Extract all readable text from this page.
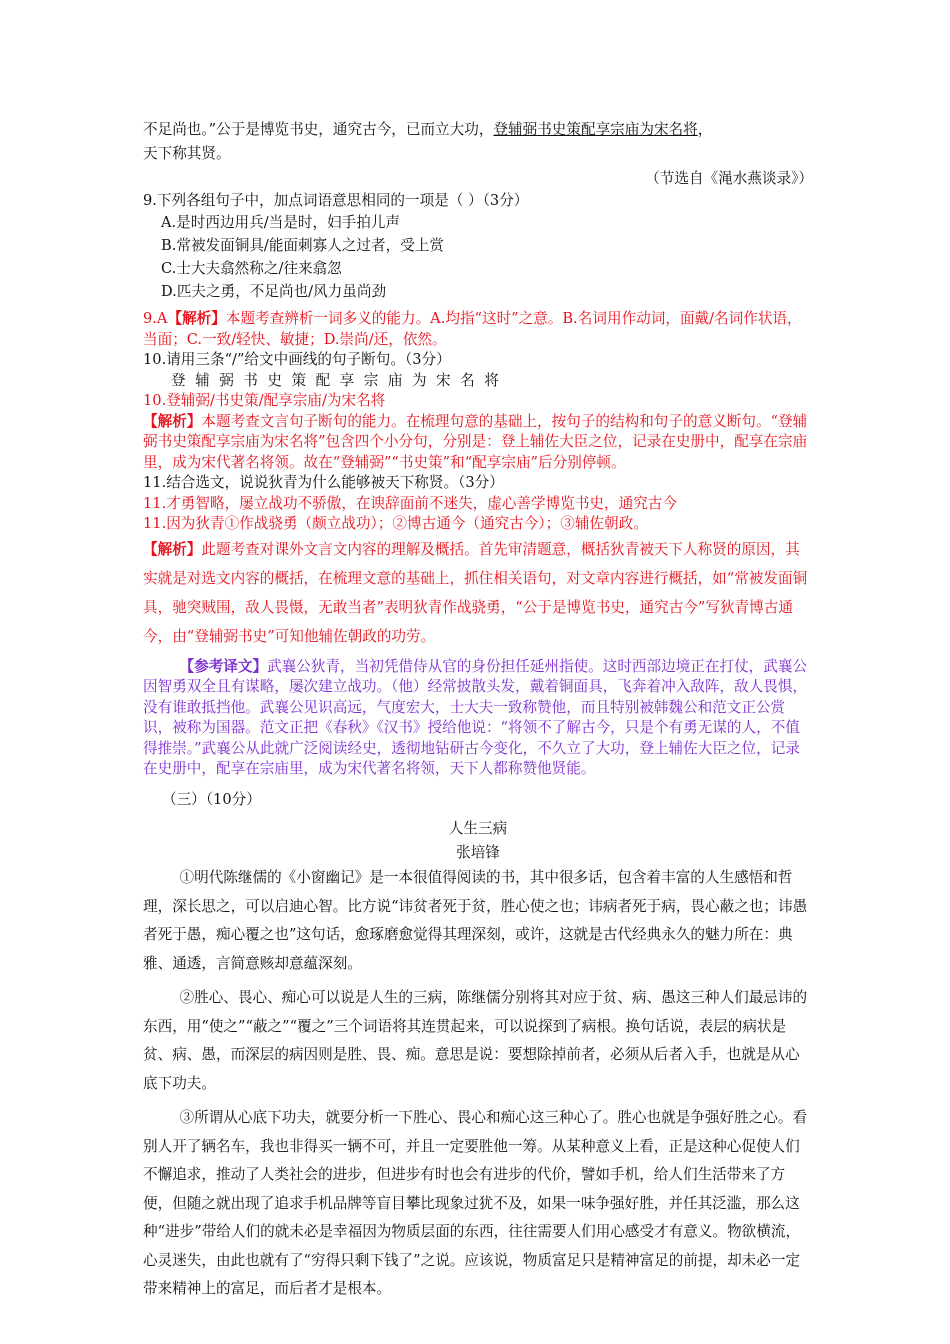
不足尚也。”公于是博览书史，通究古今，已而立大功，登辅弼书史策配享宗庙为宋名将，

天下称其贤。

（节选自《渑水燕谈录》）

9.下列各组句子中，加点词语意思相同的一项是（ ）（3分）

A.是时西边用兵/当是时，妇手拍儿声

B.常被发面铜具/能面刺寡人之过者，受上赏

C.士大夫翕然称之/往来翕忽

D.匹夫之勇，不足尚也/风力虽尚劲

9.A【解析】本题考查辨析一词多义的能力。A.均指“这时”之意。B.名词用作动词，面戴/名词作状语，当面；C.一致/轻快、敏捷；D.崇尚/还，依然。

10.请用三条“/”给文中画线的句子断句。（3分）

登辅弼书史策配享宗庙为宋名将

10.登辅弼/书史策/配享宗庙/为宋名将

【解析】本题考查文言句子断句的能力。在梳理句意的基础上，按句子的结构和句子的意义断句。“登辅弼书史策配享宗庙为宋名将”包含四个小分句，分别是：登上辅佐大臣之位，记录在史册中，配享在宗庙里，成为宋代著名将领。故在“登辅弼”“书史策”和“配享宗庙”后分别停顿。

11.结合选文，说说狄青为什么能够被天下称贤。（3分）

11.才勇智略，屡立战功不骄傲，在谀辞面前不迷失，虚心善学博览书史，通究古今

11.因为狄青①作战骁勇（颇立战功）；②博古通今（通究古今）；③辅佐朝政。

【解析】此题考查对课外文言文内容的理解及概括。首先审清题意，概括狄青被天下人称贤的原因，其实就是对选文内容的概括，在梳理文意的基础上，抓住相关语句，对文章内容进行概括，如“常被发面铜具，驰突贼围，敌人畏慑，无敢当者”表明狄青作战骁勇，“公于是博览书史，通究古今”写狄青博古通今，由“登辅弼书史”可知他辅佐朝政的功劳。

【参考译文】武襄公狄青，当初凭借侍从官的身份担任延州指使。这时西部边境正在打仗，武襄公因智勇双全且有谋略，屡次建立战功。（他）经常披散头发，戴着铜面具，飞奔着冲入敌阵，敌人畏惧，没有谁敢抵挡他。武襄公见识高远，气度宏大，士大夫一致称赞他，而且特别被韩魏公和范文正公赏识，被称为国器。范文正把《春秋》《汉书》授给他说：“将领不了解古今，只是个有勇无谋的人，不值得推崇。”武襄公从此就广泛阅读经史，透彻地钻研古今变化，不久立了大功，登上辅佐大臣之位，记录在史册中，配享在宗庙里，成为宋代著名将领，天下人都称赞他贤能。

（三）（10分）

人生三病

张培锋

①明代陈继儒的《小窗幽记》是一本很值得阅读的书，其中很多话，包含着丰富的人生感悟和哲理，深长思之，可以启迪心智。比方说“讳贫者死于贫，胜心使之也；讳病者死于病，畏心蔽之也；讳愚者死于愚，痴心覆之也”这句话，愈琢磨愈觉得其理深刻，或许，这就是古代经典永久的魅力所在：典雅、通透，言简意赅却意蕴深刻。

②胜心、畏心、痴心可以说是人生的三病，陈继儒分别将其对应于贫、病、愚这三种人们最忌讳的东西，用“使之”“蔽之”“覆之”三个词语将其连贯起来，可以说探到了病根。换句话说，表层的病状是贫、病、愚，而深层的病因则是胜、畏、痴。意思是说：要想除掉前者，必须从后者入手，也就是从心底下功夫。

③所谓从心底下功夫，就要分析一下胜心、畏心和痴心这三种心了。胜心也就是争强好胜之心。看别人开了辆名车，我也非得买一辆不可，并且一定要胜他一筹。从某种意义上看，正是这种心促使人们不懈追求，推动了人类社会的进步，但进步有时也会有进步的代价，譬如手机，给人们生活带来了方便，但随之就出现了追求手机品牌等盲目攀比现象过犹不及，如果一味争强好胜，并任其泛滥，那么这种“进步”带给人们的就未必是幸福因为物质层面的东西，往往需要人们用心感受才有意义。物欲横流，心灵迷失，由此也就有了“穷得只剩下钱了”之说。应该说，物质富足只是精神富足的前提，却未必一定带来精神上的富足，而后者才是根本。
